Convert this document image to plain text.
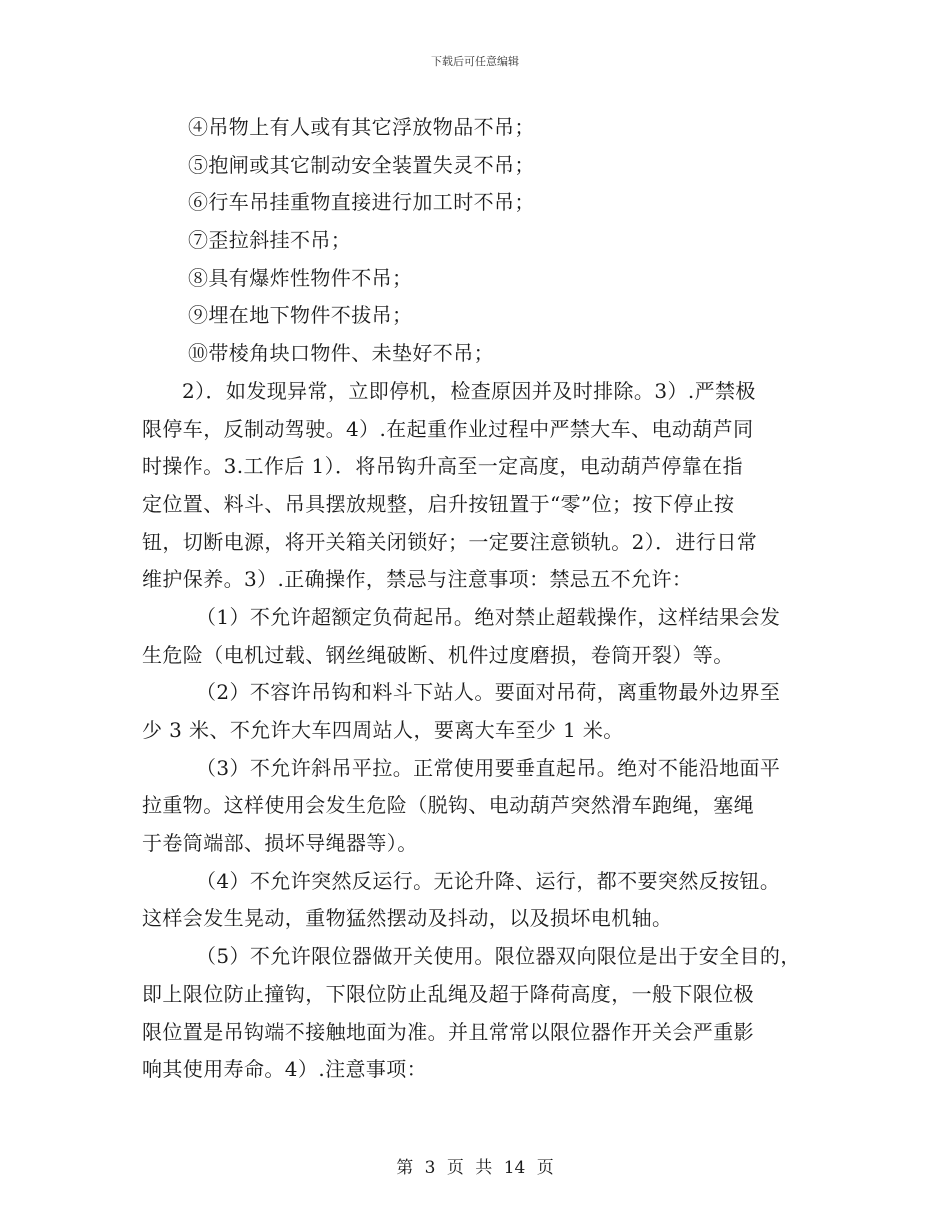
下载后可任意编辑
④吊物上有人或有其它浮放物品不吊；
⑤抱闸或其它制动安全装置失灵不吊；
⑥行车吊挂重物直接进行加工时不吊；
⑦歪拉斜挂不吊；
⑧具有爆炸性物件不吊；
⑨埋在地下物件不拔吊；
⑩带棱角块口物件、未垫好不吊；
2）．如发现异常，立即停机，检查原因并及时排除。3）.严禁极
限停车，反制动驾驶。4）.在起重作业过程中严禁大车、电动葫芦同
时操作。3.工作后 1）．将吊钩升高至一定高度，电动葫芦停靠在指
定位置、料斗、吊具摆放规整，启升按钮置于“零”位；按下停止按
钮，切断电源，将开关箱关闭锁好；一定要注意锁轨。2）．进行日常
维护保养。3）.正确操作，禁忌与注意事项：禁忌五不允许：
（1）不允许超额定负荷起吊。绝对禁止超载操作，这样结果会发
生危险（电机过载、钢丝绳破断、机件过度磨损，卷筒开裂）等。
（2）不容许吊钩和料斗下站人。要面对吊荷，离重物最外边界至
少 3 米、不允许大车四周站人，要离大车至少 1 米。
（3）不允许斜吊平拉。正常使用要垂直起吊。绝对不能沿地面平
拉重物。这样使用会发生危险（脱钩、电动葫芦突然滑车跑绳，塞绳
于卷筒端部、损坏导绳器等）。
（4）不允许突然反运行。无论升降、运行，都不要突然反按钮。
这样会发生晃动，重物猛然摆动及抖动，以及损坏电机轴。
（5）不允许限位器做开关使用。限位器双向限位是出于安全目的，
即上限位防止撞钩，下限位防止乱绳及超于降荷高度，一般下限位极
限位置是吊钩端不接触地面为准。并且常常以限位器作开关会严重影
响其使用寿命。4）.注意事项：
第 3 页 共 14 页
